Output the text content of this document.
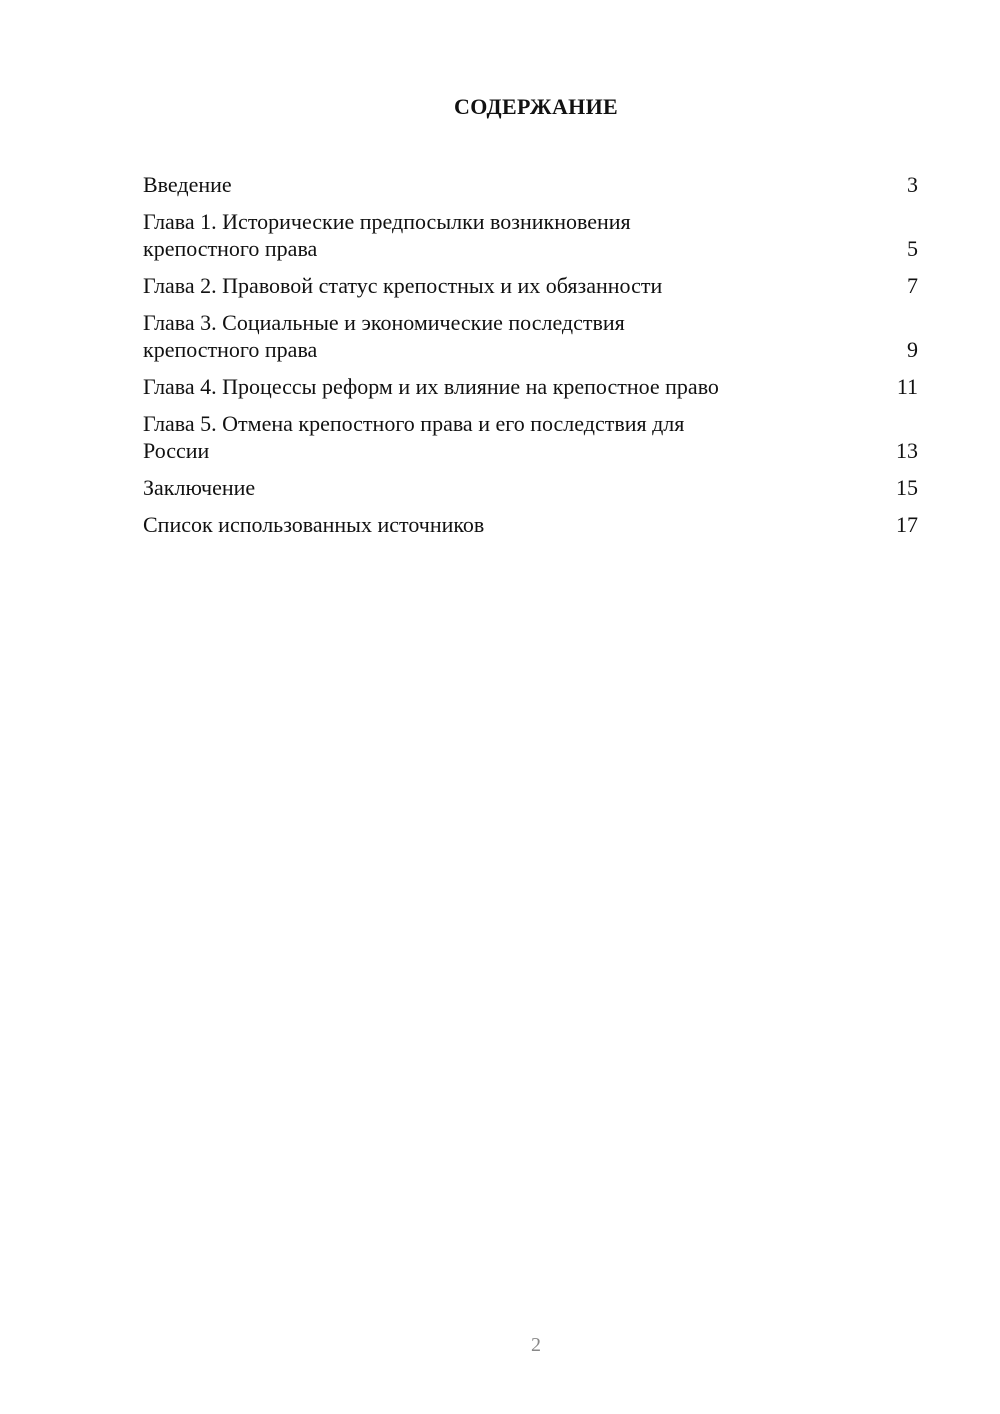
СОДЕРЖАНИЕ
Введение	3
Глава 1. Исторические предпосылки возникновения
крепостного права	5
Глава 2. Правовой статус крепостных и их обязанности	7
Глава 3. Социальные и экономические последствия
крепостного права	9
Глава 4. Процессы реформ и их влияние на крепостное право	11
Глава 5. Отмена крепостного права и его последствия для
России	13
Заключение	15
Список использованных источников	17
2
